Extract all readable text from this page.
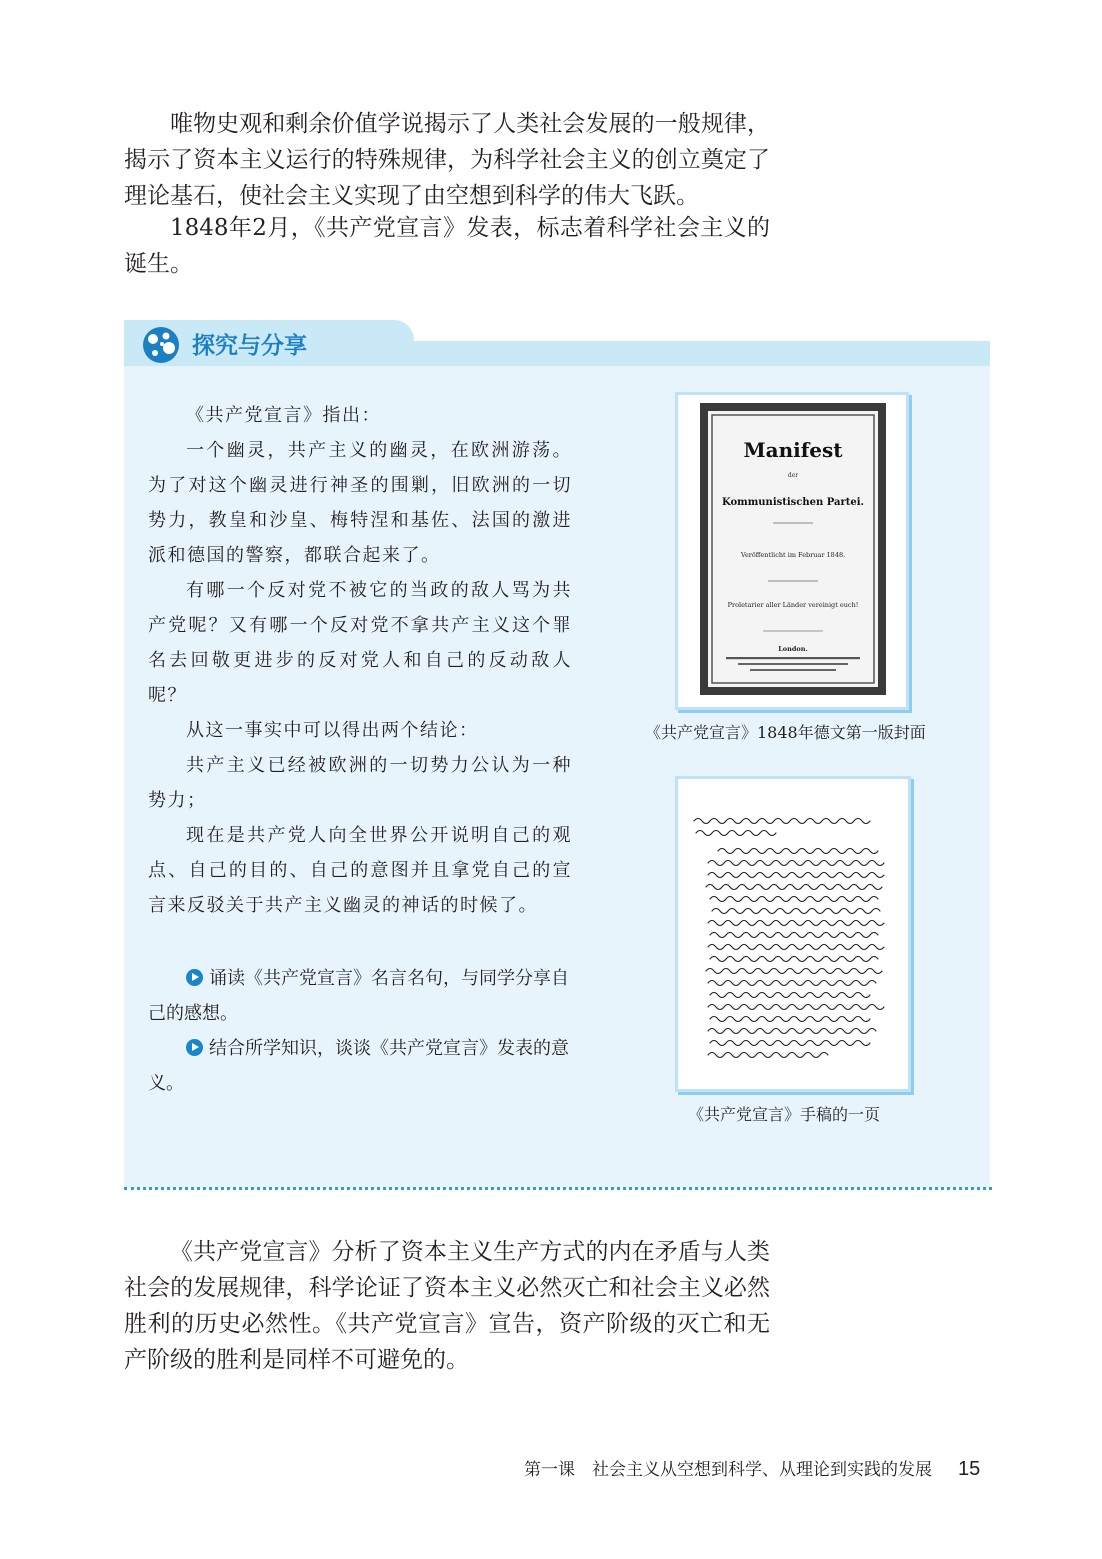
唯物史观和剩余价值学说揭示了人类社会发展的一般规律，揭示了资本主义运行的特殊规律，为科学社会主义的创立奠定了理论基石，使社会主义实现了由空想到科学的伟大飞跃。

1848年2月，《共产党宣言》发表，标志着科学社会主义的诞生。

探究与分享

《共产党宣言》指出：

一个幽灵，共产主义的幽灵，在欧洲游荡。为了对这个幽灵进行神圣的围剿，旧欧洲的一切势力，教皇和沙皇、梅特涅和基佐、法国的激进派和德国的警察，都联合起来了。

有哪一个反对党不被它的当政的敌人骂为共产党呢？又有哪一个反对党不拿共产主义这个罪名去回敬更进步的反对党人和自己的反动敌人呢？

从这一事实中可以得出两个结论：

共产主义已经被欧洲的一切势力公认为一种势力；

现在是共产党人向全世界公开说明自己的观点、自己的目的、自己的意图并且拿党自己的宣言来反驳关于共产主义幽灵的神话的时候了。

诵读《共产党宣言》名言名句，与同学分享自己的感想。

结合所学知识，谈谈《共产党宣言》发表的意义。

Manifest
der
Kommunistischen Partei.
Veröffentlicht im Februar 1848.
Proletarier aller Länder vereinigt euch!
London.
《共产党宣言》1848年德文第一版封面
《共产党宣言》手稿的一页

《共产党宣言》分析了资本主义生产方式的内在矛盾与人类社会的发展规律，科学论证了资本主义必然灭亡和社会主义必然胜利的历史必然性。《共产党宣言》宣告，资产阶级的灭亡和无产阶级的胜利是同样不可避免的。

第一课　社会主义从空想到科学、从理论到实践的发展 15
